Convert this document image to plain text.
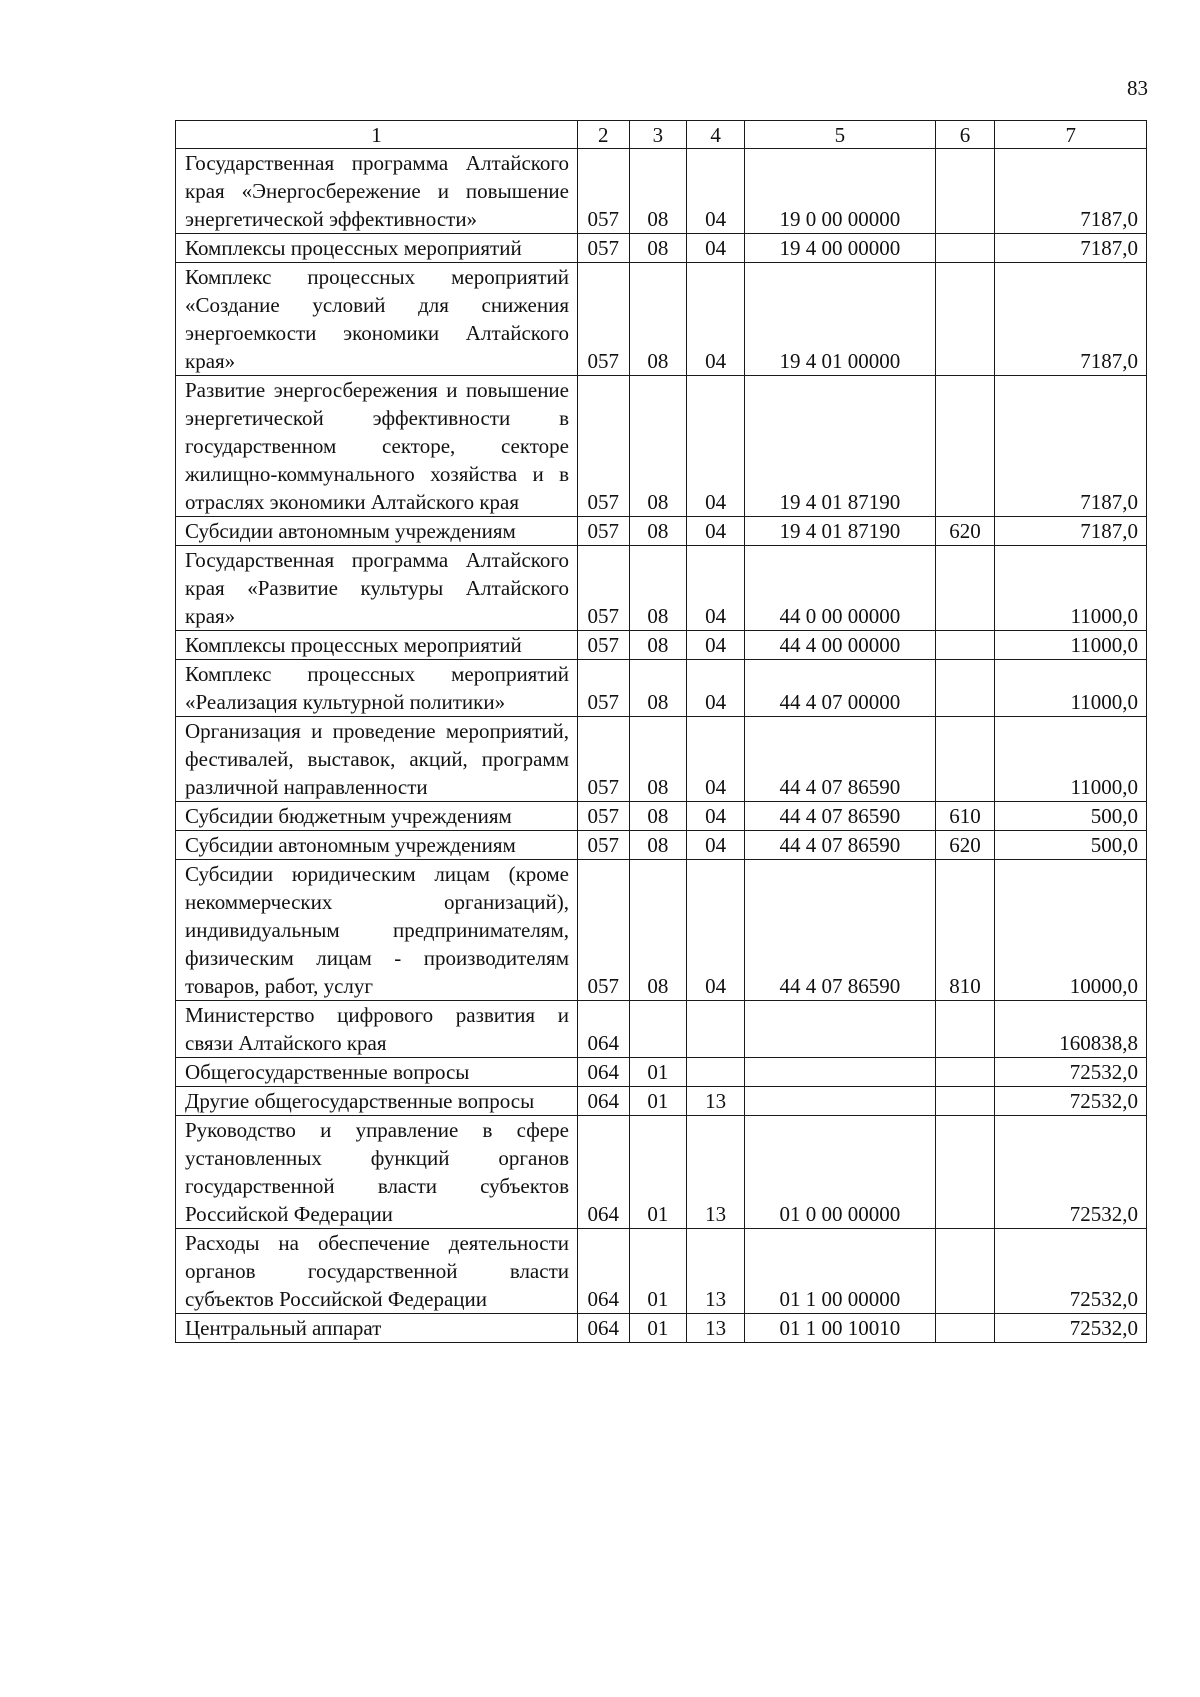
83
1	2	3	4	5	6	7
Государственная программа Алтайского края «Энергосбережение и повышение энергетической эффективности»	057	08	04	19 0 00 00000		7187,0
Комплексы процессных мероприятий	057	08	04	19 4 00 00000		7187,0
Комплекс процессных мероприятий «Создание условий для снижения энергоемкости экономики Алтайского края»	057	08	04	19 4 01 00000		7187,0
Развитие энергосбережения и повышение энергетической эффективности в государственном секторе, секторе жилищно-коммунального хозяйства и в отраслях экономики Алтайского края	057	08	04	19 4 01 87190		7187,0
Субсидии автономным учреждениям	057	08	04	19 4 01 87190	620	7187,0
Государственная программа Алтайского края «Развитие культуры Алтайского края»	057	08	04	44 0 00 00000		11000,0
Комплексы процессных мероприятий	057	08	04	44 4 00 00000		11000,0
Комплекс процессных мероприятий «Реализация культурной политики»	057	08	04	44 4 07 00000		11000,0
Организация и проведение мероприятий, фестивалей, выставок, акций, программ различной направленности	057	08	04	44 4 07 86590		11000,0
Субсидии бюджетным учреждениям	057	08	04	44 4 07 86590	610	500,0
Субсидии автономным учреждениям	057	08	04	44 4 07 86590	620	500,0
Субсидии юридическим лицам (кроме некоммерческих организаций), индивидуальным предпринимателям, физическим лицам - производителям товаров, работ, услуг	057	08	04	44 4 07 86590	810	10000,0
Министерство цифрового развития и связи Алтайского края	064					160838,8
Общегосударственные вопросы	064	01				72532,0
Другие общегосударственные вопросы	064	01	13			72532,0
Руководство и управление в сфере установленных функций органов государственной власти субъектов Российской Федерации	064	01	13	01 0 00 00000		72532,0
Расходы на обеспечение деятельности органов государственной власти субъектов Российской Федерации	064	01	13	01 1 00 00000		72532,0
Центральный аппарат	064	01	13	01 1 00 10010		72532,0
